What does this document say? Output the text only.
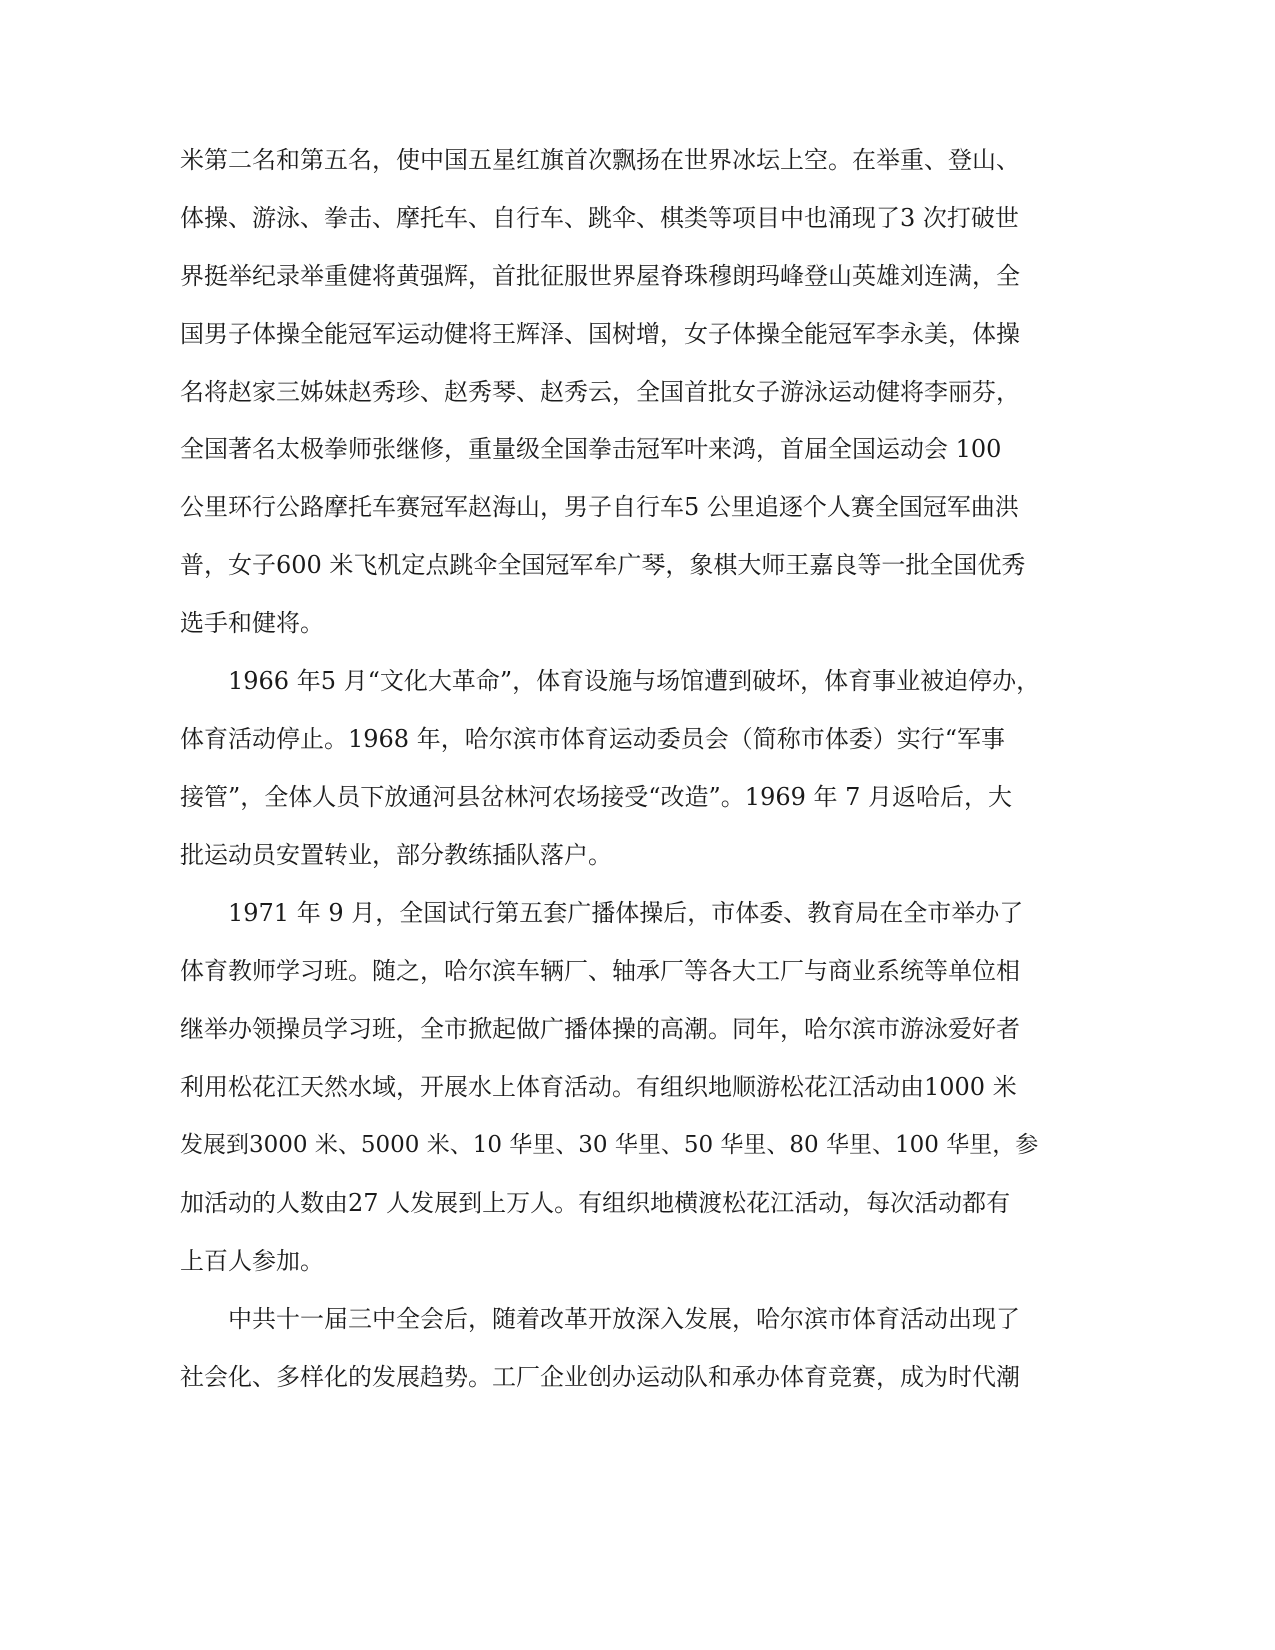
米第二名和第五名，使中国五星红旗首次飘扬在世界冰坛上空。在举重、登山、
体操、游泳、拳击、摩托车、自行车、跳伞、棋类等项目中也涌现了3 次打破世
界挺举纪录举重健将黄强辉，首批征服世界屋脊珠穆朗玛峰登山英雄刘连满，全
国男子体操全能冠军运动健将王辉泽、国树增，女子体操全能冠军李永美，体操
名将赵家三姊妹赵秀珍、赵秀琴、赵秀云，全国首批女子游泳运动健将李丽芬，
全国著名太极拳师张继修，重量级全国拳击冠军叶来鸿，首届全国运动会 100
公里环行公路摩托车赛冠军赵海山，男子自行车5 公里追逐个人赛全国冠军曲洪
普，女子600 米飞机定点跳伞全国冠军牟广琴，象棋大师王嘉良等一批全国优秀
选手和健将。
1966 年5 月“文化大革命”，体育设施与场馆遭到破坏，体育事业被迫停办，
体育活动停止。1968 年，哈尔滨市体育运动委员会（简称市体委）实行“军事
接管”，全体人员下放通河县岔林河农场接受“改造”。1969 年 7 月返哈后，大
批运动员安置转业，部分教练插队落户。
1971 年 9 月，全国试行第五套广播体操后，市体委、教育局在全市举办了
体育教师学习班。随之，哈尔滨车辆厂、轴承厂等各大工厂与商业系统等单位相
继举办领操员学习班，全市掀起做广播体操的高潮。同年，哈尔滨市游泳爱好者
利用松花江天然水域，开展水上体育活动。有组织地顺游松花江活动由1000 米
发展到3000 米、5000 米、10 华里、30 华里、50 华里、80 华里、100 华里，参
加活动的人数由27 人发展到上万人。有组织地横渡松花江活动，每次活动都有
上百人参加。
中共十一届三中全会后，随着改革开放深入发展，哈尔滨市体育活动出现了
社会化、多样化的发展趋势。工厂企业创办运动队和承办体育竞赛，成为时代潮
